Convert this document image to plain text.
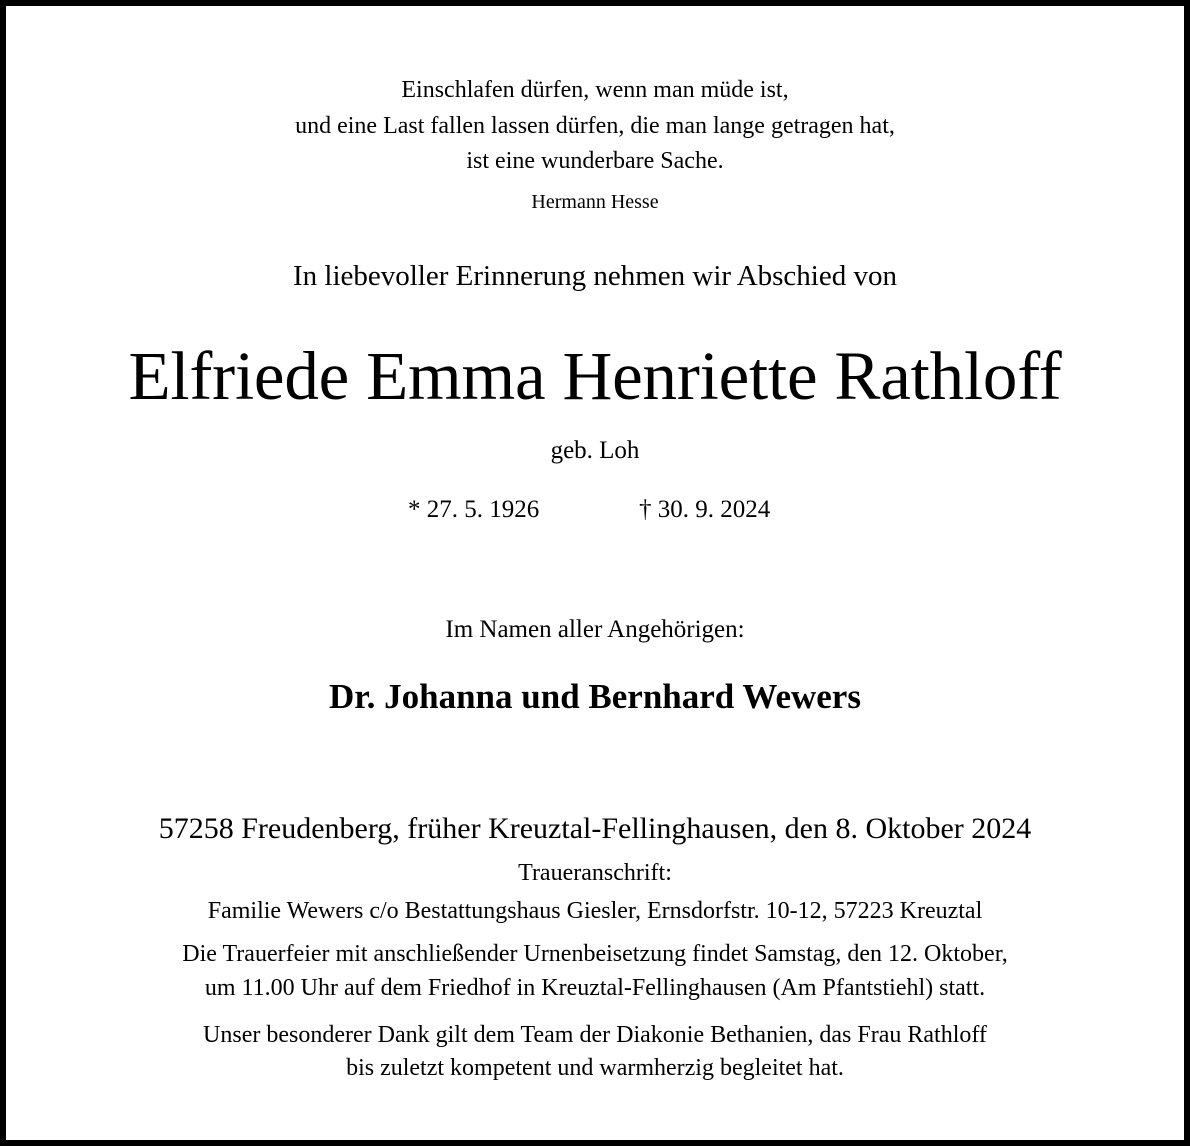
Einschlafen dürfen, wenn man müde ist,
und eine Last fallen lassen dürfen, die man lange getragen hat,
ist eine wunderbare Sache.
Hermann Hesse
In liebevoller Erinnerung nehmen wir Abschied von
Elfriede Emma Henriette Rathloff
geb. Loh
* 27. 5. 1926	† 30. 9. 2024
Im Namen aller Angehörigen:
Dr. Johanna und Bernhard Wewers
57258 Freudenberg, früher Kreuztal-Fellinghausen, den 8. Oktober 2024
Traueranschrift:
Familie Wewers c/o Bestattungshaus Giesler, Ernsdorfstr. 10-12, 57223 Kreuztal
Die Trauerfeier mit anschließender Urnenbeisetzung findet Samstag, den 12. Oktober,
um 11.00 Uhr auf dem Friedhof in Kreuztal-Fellinghausen (Am Pfantstiehl) statt.
Unser besonderer Dank gilt dem Team der Diakonie Bethanien, das Frau Rathloff
bis zuletzt kompetent und warmherzig begleitet hat.
